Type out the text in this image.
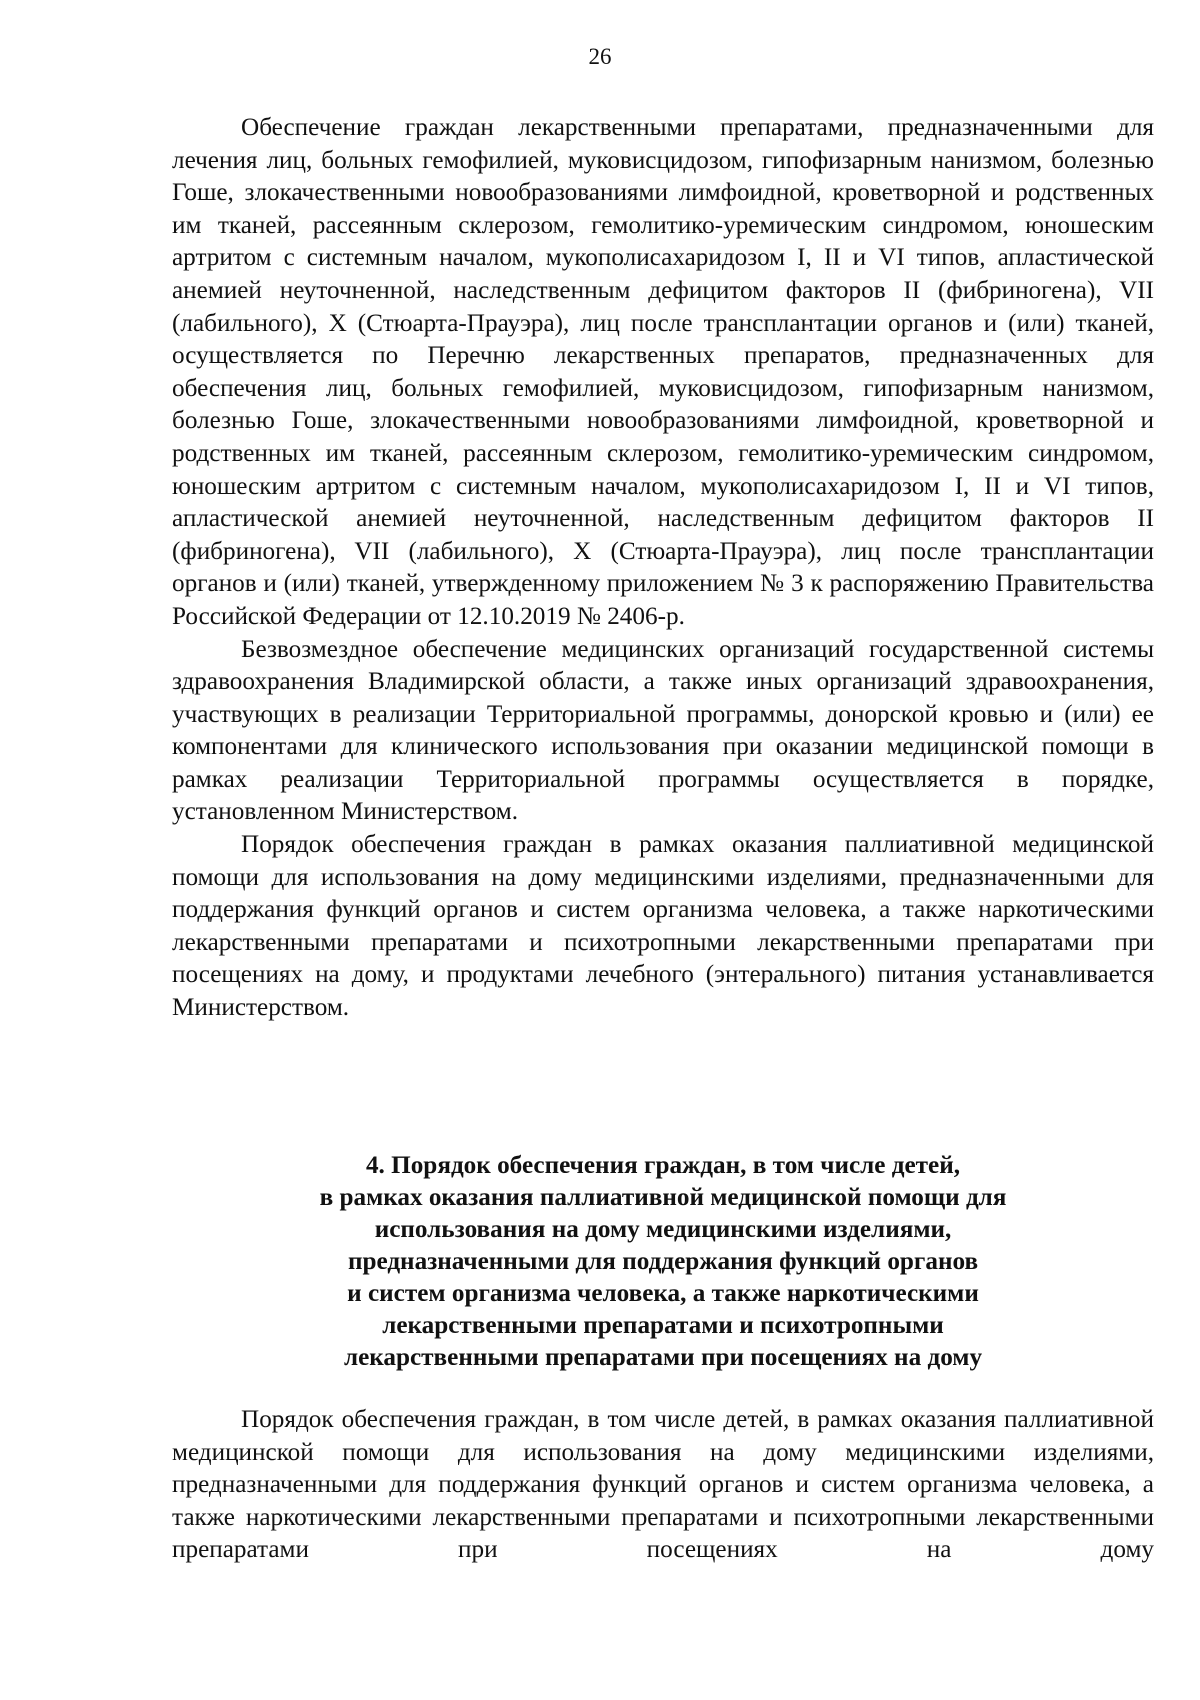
26

Обеспечение граждан лекарственными препаратами, предназначенными для лечения лиц, больных гемофилией, муковисцидозом, гипофизарным нанизмом, болезнью Гоше, злокачественными новообразованиями лимфоидной, кроветворной и родственных им тканей, рассеянным склерозом, гемолитико-уремическим синдромом, юношеским артритом с системным началом, мукополисахаридозом I, II и VI типов, апластической анемией неуточненной, наследственным дефицитом факторов II (фибриногена), VII (лабильного), X (Стюарта-Прауэра), лиц после трансплантации органов и (или) тканей, осуществляется по Перечню лекарственных препаратов, предназначенных для обеспечения лиц, больных гемофилией, муковисцидозом, гипофизарным нанизмом, болезнью Гоше, злокачественными новообразованиями лимфоидной, кроветворной и родственных им тканей, рассеянным склерозом, гемолитико-уремическим синдромом, юношеским артритом с системным началом, мукополисахаридозом I, II и VI типов, апластической анемией неуточненной, наследственным дефицитом факторов II (фибриногена), VII (лабильного), X (Стюарта-Прауэра), лиц после трансплантации органов и (или) тканей, утвержденному приложением № 3 к распоряжению Правительства Российской Федерации от 12.10.2019 № 2406-р.

Безвозмездное обеспечение медицинских организаций государственной системы здравоохранения Владимирской области, а также иных организаций здравоохранения, участвующих в реализации Территориальной программы, донорской кровью и (или) ее компонентами для клинического использования при оказании медицинской помощи в рамках реализации Территориальной программы осуществляется в порядке, установленном Министерством.

Порядок обеспечения граждан в рамках оказания паллиативной медицинской помощи для использования на дому медицинскими изделиями, предназначенными для поддержания функций органов и систем организма человека, а также наркотическими лекарственными препаратами и психотропными лекарственными препаратами при посещениях на дому, и продуктами лечебного (энтерального) питания устанавливается Министерством.

4. Порядок обеспечения граждан, в том числе детей,
в рамках оказания паллиативной медицинской помощи для
использования на дому медицинскими изделиями,
предназначенными для поддержания функций органов
и систем организма человека, а также наркотическими
лекарственными препаратами и психотропными
лекарственными препаратами при посещениях на дому

Порядок обеспечения граждан, в том числе детей, в рамках оказания паллиативной медицинской помощи для использования на дому медицинскими изделиями, предназначенными для поддержания функций органов и систем организма человека, а также наркотическими лекарственными препаратами и психотропными лекарственными препаратами при посещениях на дому
